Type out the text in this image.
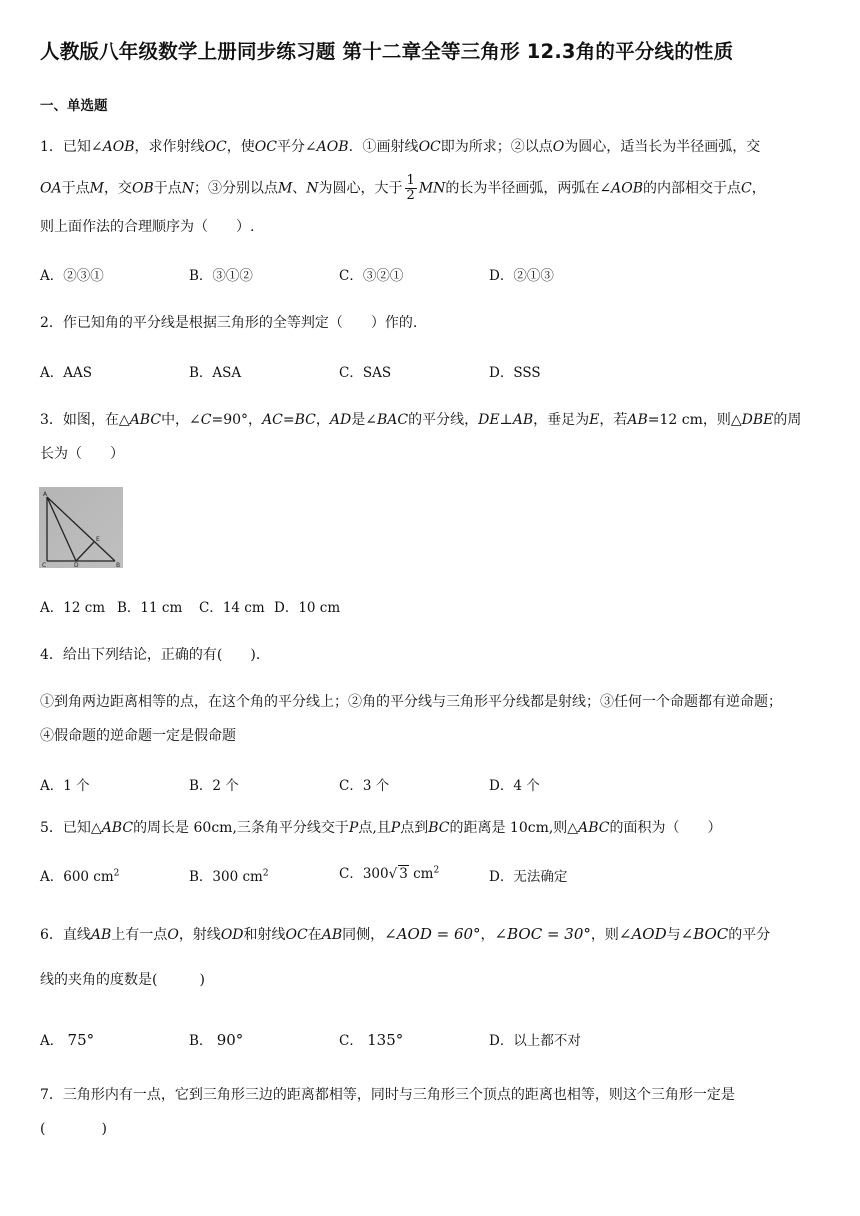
人教版八年级数学上册同步练习题 第十二章全等三角形 12.3角的平分线的性质
一、单选题
1．已知∠AOB，求作射线OC，使OC平分∠AOB．①画射线OC即为所求；②以点O为圆心，适当长为半径画弧，交
OA于点M，交OB于点N；③分别以点M、N为圆心，大于 $\frac{1}{2}$ MN的长为半径画弧，两弧在∠AOB的内部相交于点C，
则上面作法的合理顺序为（　　）.
A．②③①	B．③①②	C．③②①	D．②①③
2．作已知角的平分线是根据三角形的全等判定（　　）作的.
A．AAS	B．ASA	C．SAS	D．SSS
3．如图，在△ABC中，∠C=90°，AC=BC，AD是∠BAC的平分线，DE⊥AB，垂足为E，若AB=12 cm，则△DBE的周
长为（　　）
A
C	D	B
E
A．12 cm B．11 cm C．14 cm D．10 cm
4．给出下列结论，正确的有(　　).
①到角两边距离相等的点，在这个角的平分线上；②角的平分线与三角形平分线都是射线；③任何一个命题都有逆命题；
④假命题的逆命题一定是假命题
A．1 个	B．2 个	C．3 个	D．4 个
5．已知△ABC的周长是 60cm,三条角平分线交于P点,且P点到BC的距离是 10cm,则△ABC的面积为（　　）
A．600 $cm^2$	B．300 $cm^2$	C．300√ 3 $cm^2$	D．无法确定
6．直线AB上有一点O，射线OD和射线OC在AB同侧，∠AOD = 60°，∠BOC = 30°，则∠AOD与∠BOC的平分
线的夹角的度数是(　　　)
A． 75°	B． 90°	C． 135°	D．以上都不对
7．三角形内有一点，它到三角形三边的距离都相等，同时与三角形三个顶点的距离也相等，则这个三角形一定是
(　　　　)
